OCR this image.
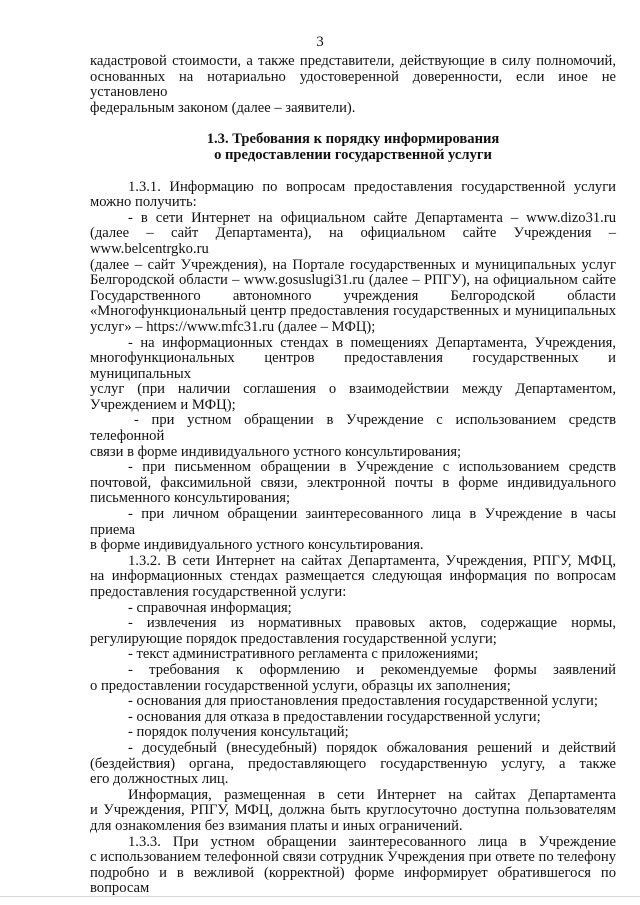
3

кадастровой стоимости, а также представители, действующие в силу полномочий,

основанных на нотариально удостоверенной доверенности, если иное не установлено

федеральным законом (далее – заявители).

1.3. Требования к порядку информирования

о предоставлении государственной услуги

1.3.1. Информацию по вопросам предоставления государственной услуги

можно получить:

- в сети Интернет на официальном сайте Департамента – www.dizo31.ru

(далее – сайт Департамента), на официальном сайте Учреждения – www.belcentrgko.ru

(далее – сайт Учреждения), на Портале государственных и муниципальных услуг

Белгородской области – www.gosuslugi31.ru (далее – РПГУ), на официальном сайте

Государственного автономного учреждения Белгородской области

«Многофункциональный центр предоставления государственных и муниципальных

услуг» – https://www.mfc31.ru (далее – МФЦ);

- на информационных стендах в помещениях Департамента, Учреждения,

многофункциональных центров предоставления государственных и муниципальных

услуг (при наличии соглашения о взаимодействии между Департаментом,

Учреждением и МФЦ);

- при устном обращении в Учреждение с использованием средств телефонной

связи в форме индивидуального устного консультирования;

- при письменном обращении в Учреждение с использованием средств

почтовой, факсимильной связи, электронной почты в форме индивидуального

письменного консультирования;

- при личном обращении заинтересованного лица в Учреждение в часы приема

в форме индивидуального устного консультирования.

1.3.2. В сети Интернет на сайтах Департамента, Учреждения, РПГУ, МФЦ,

на информационных стендах размещается следующая информация по вопросам

предоставления государственной услуги:

- справочная информация;

- извлечения из нормативных правовых актов, содержащие нормы,

регулирующие порядок предоставления государственной услуги;

- текст административного регламента с приложениями;

- требования к оформлению и рекомендуемые формы заявлений

о предоставлении государственной услуги, образцы их заполнения;

- основания для приостановления предоставления государственной услуги;

- основания для отказа в предоставлении государственной услуги;

- порядок получения консультаций;

- досудебный (внесудебный) порядок обжалования решений и действий

(бездействия) органа, предоставляющего государственную услугу, а также

его должностных лиц.

Информация, размещенная в сети Интернет на сайтах Департамента

и Учреждения, РПГУ, МФЦ, должна быть круглосуточно доступна пользователям

для ознакомления без взимания платы и иных ограничений.

1.3.3. При устном обращении заинтересованного лица в Учреждение

с использованием телефонной связи сотрудник Учреждения при ответе по телефону

подробно и в вежливой (корректной) форме информирует обратившегося по вопросам
